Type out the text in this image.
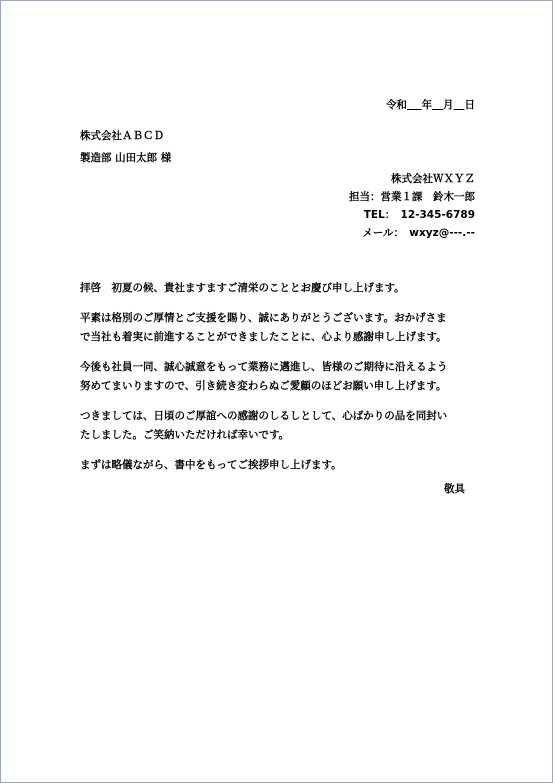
令和 年 月 日
株式会社ＡＢＣＤ
製造部 山田太郎 様
株式会社ＷＸＹＺ
担当：営業１課　鈴木一郎
TEL：　12-345-6789
メール：　wxyz@---.--

拝啓　初夏の候、貴社ますますご清栄のこととお慶び申し上げます。

平素は格別のご厚情とご支援を賜り、誠にありがとうございます。おかげさま
で当社も着実に前進することができましたことに、心より感謝申し上げます。

今後も社員一同、誠心誠意をもって業務に邁進し、皆様のご期待に沿えるよう
努めてまいりますので、引き続き変わらぬご愛顧のほどお願い申し上げます。

つきましては、日頃のご厚誼への感謝のしるしとして、心ばかりの品を同封い
たしました。ご笑納いただければ幸いです。

まずは略儀ながら、書中をもってご挨拶申し上げます。

敬具
